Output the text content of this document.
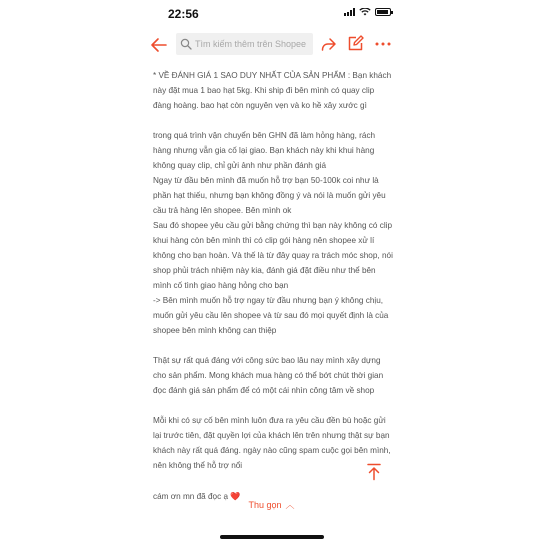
22:56
Tìm kiếm thêm trên Shopee

* VỀ ĐÁNH GIÁ 1 SAO DUY NHẤT CỦA SẢN PHẨM : Bạn khách này đặt mua 1 bao hạt 5kg. Khi ship đi bên mình có quay clip đàng hoàng. bao hạt còn nguyên vẹn và ko hề xây xước gì

trong quá trình vận chuyển bên GHN đã làm hỏng hàng, rách hàng nhưng vẫn gia cố lại giao. Bạn khách này khi khui hàng không quay clip, chỉ gửi ảnh như phần đánh giá

Ngay từ đầu bên mình đã muốn hỗ trợ bạn 50-100k coi như là phần hạt thiếu, nhưng bạn không đồng ý và nói là muốn gửi yêu cầu trả hàng lên shopee. Bên mình ok

Sau đó shopee yêu cầu gửi bằng chứng thì bạn này không có clip khui hàng còn bên mình thì có clip gói hàng nên shopee xử lí không cho bạn hoàn. Và thế là từ đây quay ra trách móc shop, nói shop phủi trách nhiệm này kia, đánh giá đặt điều như thể bên mình cố tình giao hàng hỏng cho bạn

-> Bên mình muốn hỗ trợ ngay từ đầu nhưng bạn ý không chịu, muốn gửi yêu cầu lên shopee và từ sau đó mọi quyết định là của shopee bên mình không can thiệp

Thật sự rất quá đáng với công sức bao lâu nay mình xây dựng cho sản phẩm. Mong khách mua hàng có thể bớt chút thời gian đọc đánh giá sản phẩm để có một cái nhìn công tâm về shop

Mỗi khi có sự cố bên mình luôn đưa ra yêu cầu đền bù hoặc gửi lại trước tiên, đặt quyền lợi của khách lên trên nhưng thật sự bạn khách này rất quá đáng. ngày nào cũng spam cuộc gọi bên mình, nên không thể hỗ trợ nổi

cám ơn mn đã đọc ạ ❤️

Thu gọn ︿
